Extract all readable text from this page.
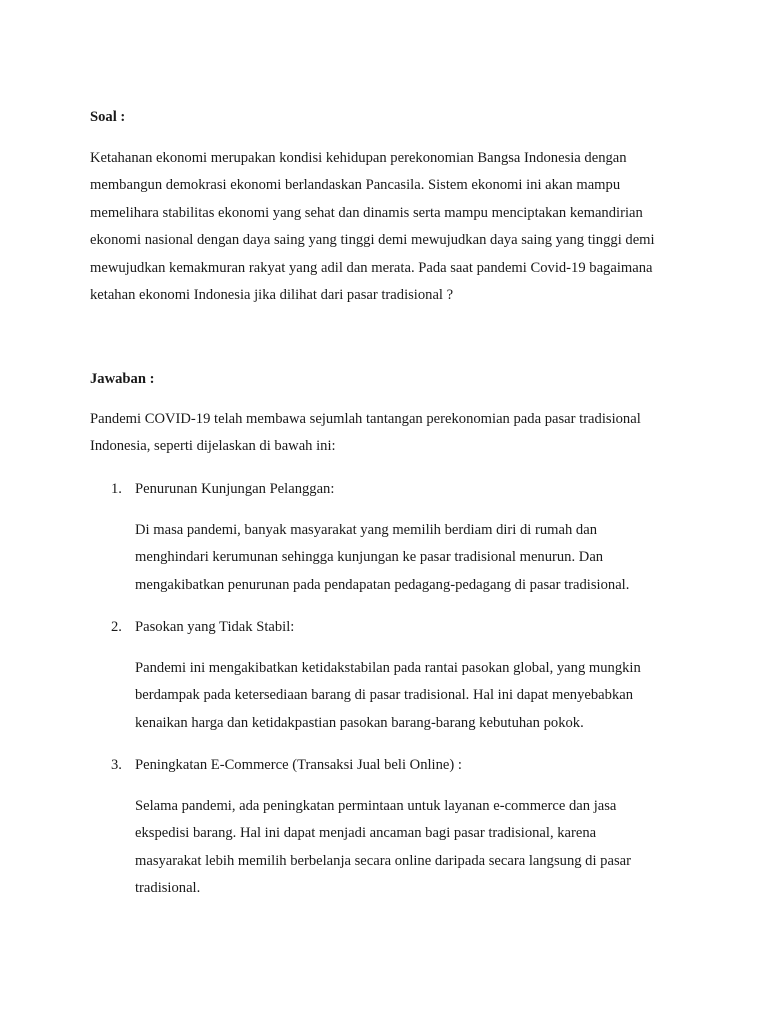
Soal :

Ketahanan ekonomi merupakan kondisi kehidupan perekonomian Bangsa Indonesia dengan
membangun demokrasi ekonomi berlandaskan Pancasila. Sistem ekonomi ini akan mampu
memelihara stabilitas ekonomi yang sehat dan dinamis serta mampu menciptakan kemandirian
ekonomi nasional dengan daya saing yang tinggi demi mewujudkan daya saing yang tinggi demi
mewujudkan kemakmuran rakyat yang adil dan merata. Pada saat pandemi Covid-19 bagaimana
ketahan ekonomi Indonesia jika dilihat dari pasar tradisional ?

Jawaban :

Pandemi COVID-19 telah membawa sejumlah tantangan perekonomian pada pasar tradisional
Indonesia, seperti dijelaskan di bawah ini:

1. Penurunan Kunjungan Pelanggan:

Di masa pandemi, banyak masyarakat yang memilih berdiam diri di rumah dan
menghindari kerumunan sehingga kunjungan ke pasar tradisional menurun. Dan
mengakibatkan penurunan pada pendapatan pedagang-pedagang di pasar tradisional.

2. Pasokan yang Tidak Stabil:

Pandemi ini mengakibatkan ketidakstabilan pada rantai pasokan global, yang mungkin
berdampak pada ketersediaan barang di pasar tradisional. Hal ini dapat menyebabkan
kenaikan harga dan ketidakpastian pasokan barang-barang kebutuhan pokok.

3. Peningkatan E-Commerce (Transaksi Jual beli Online) :

Selama pandemi, ada peningkatan permintaan untuk layanan e-commerce dan jasa
ekspedisi barang. Hal ini dapat menjadi ancaman bagi pasar tradisional, karena
masyarakat lebih memilih berbelanja secara online daripada secara langsung di pasar
tradisional.
